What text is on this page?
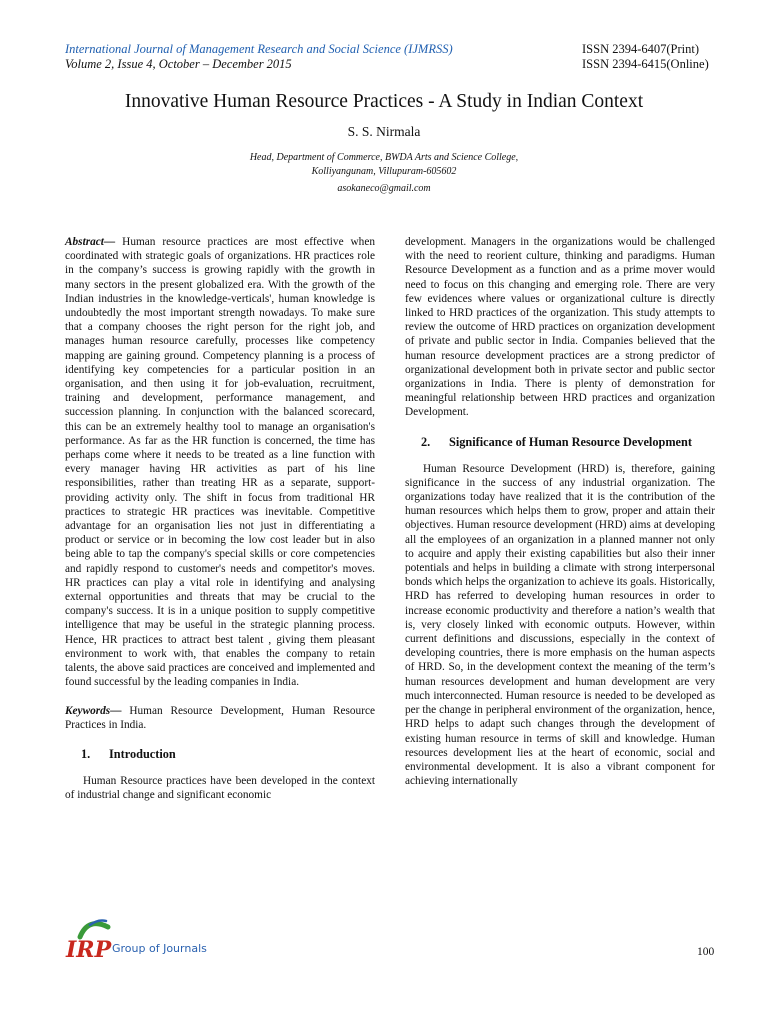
International Journal of Management Research and Social Science (IJMRSS)
Volume 2, Issue 4, October – December 2015
ISSN 2394-6407(Print)
ISSN 2394-6415(Online)
Innovative Human Resource Practices - A Study in Indian Context
S. S. Nirmala
Head, Department of Commerce, BWDA Arts and Science College,
Kolliyangunam, Villupuram-605602
asokaneco@gmail.com

Abstract— Human resource practices are most effective when coordinated with strategic goals of organizations. HR practices role in the company’s success is growing rapidly with the growth in many sectors in the present globalized era. With the growth of the Indian industries in the knowledge-verticals', human knowledge is undoubtedly the most important strength nowadays. To make sure that a company chooses the right person for the right job, and manages human resource carefully, processes like competency mapping are gaining ground. Competency planning is a process of identifying key competencies for a particular position in an organisation, and then using it for job-evaluation, recruitment, training and development, performance management, and succession planning. In conjunction with the balanced scorecard, this can be an extremely healthy tool to manage an organisation's performance. As far as the HR function is concerned, the time has perhaps come where it needs to be treated as a line function with every manager having HR activities as part of his line responsibilities, rather than treating HR as a separate, support-providing activity only. The shift in focus from traditional HR practices to strategic HR practices was inevitable. Competitive advantage for an organisation lies not just in differentiating a product or service or in becoming the low cost leader but in also being able to tap the company's special skills or core competencies and rapidly respond to customer's needs and competitor's moves. HR practices can play a vital role in identifying and analysing external opportunities and threats that may be crucial to the company's success. It is in a unique position to supply competitive intelligence that may be useful in the strategic planning process. Hence, HR practices to attract best talent , giving them pleasant environment to work with, that enables the company to retain talents, the above said practices are conceived and implemented and found successful by the leading companies in India.

Keywords— Human Resource Development, Human Resource Practices in India.

1.	Introduction

Human Resource practices have been developed in the context of industrial change and significant economic

development. Managers in the organizations would be challenged with the need to reorient culture, thinking and paradigms. Human Resource Development as a function and as a prime mover would need to focus on this changing and emerging role. There are very few evidences where values or organizational culture is directly linked to HRD practices of the organization. This study attempts to review the outcome of HRD practices on organization development of private and public sector in India. Companies believed that the human resource development practices are a strong predictor of organizational development both in private sector and public sector organizations in India. There is plenty of demonstration for meaningful relationship between HRD practices and organization Development.

2.	Significance of Human Resource Development

Human Resource Development (HRD) is, therefore, gaining significance in the success of any industrial organization. The organizations today have realized that it is the contribution of the human resources which helps them to grow, proper and attain their objectives. Human resource development (HRD) aims at developing all the employees of an organization in a planned manner not only to acquire and apply their existing capabilities but also their inner potentials and helps in building a climate with strong interpersonal bonds which helps the organization to achieve its goals. Historically, HRD has referred to developing human resources in order to increase economic productivity and therefore a nation’s wealth that is, very closely linked with economic outputs. However, within current definitions and discussions, especially in the context of developing countries, there is more emphasis on the human aspects of HRD. So, in the development context the meaning of the term’s human resources development and human development are very much interconnected. Human resource is needed to be developed as per the change in peripheral environment of the organization, hence, HRD helps to adapt such changes through the development of existing human resource in terms of skill and knowledge. Human resources development lies at the heart of economic, social and environmental development. It is also a vibrant component for achieving internationally

IRP Group of Journals	100
